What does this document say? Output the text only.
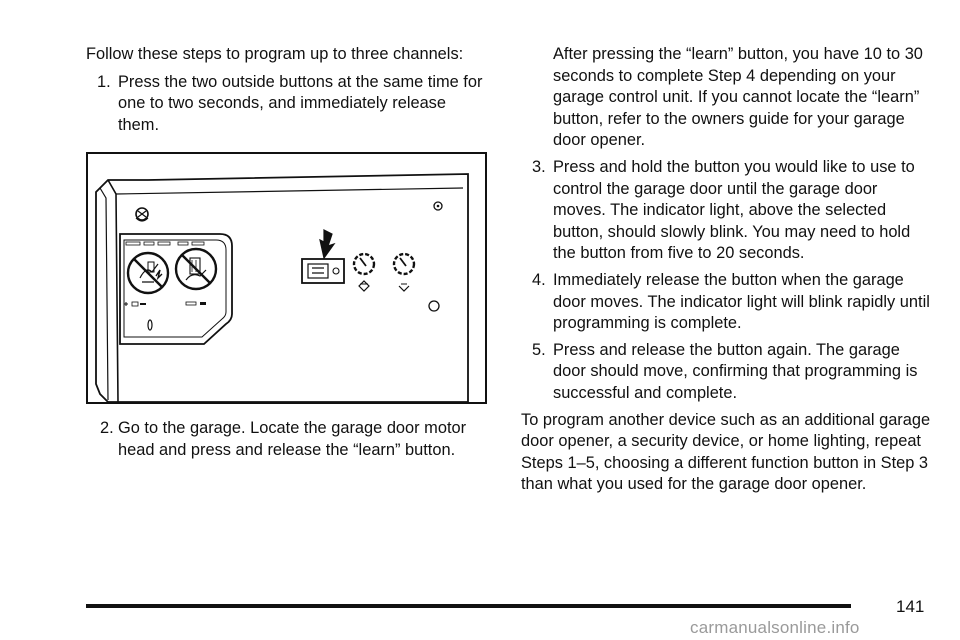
Follow these steps to program up to three channels:

1. Press the two outside buttons at the same time for one to two seconds, and immediately release them.
2. Go to the garage. Locate the garage door motor head and press and release the “learn” button.

After pressing the “learn” button, you have 10 to 30 seconds to complete Step 4 depending on your garage control unit. If you cannot locate the “learn” button, refer to the owners guide for your garage door opener.

3. Press and hold the button you would like to use to control the garage door until the garage door moves. The indicator light, above the selected button, should slowly blink. You may need to hold the button from five to 20 seconds.
4. Immediately release the button when the garage door moves. The indicator light will blink rapidly until programming is complete.
5. Press and release the button again. The garage door should move, confirming that programming is successful and complete.

To program another device such as an additional garage door opener, a security device, or home lighting, repeat Steps 1–5, choosing a different function button in Step 3 than what you used for the garage door opener.

141
carmanualsonline.info
